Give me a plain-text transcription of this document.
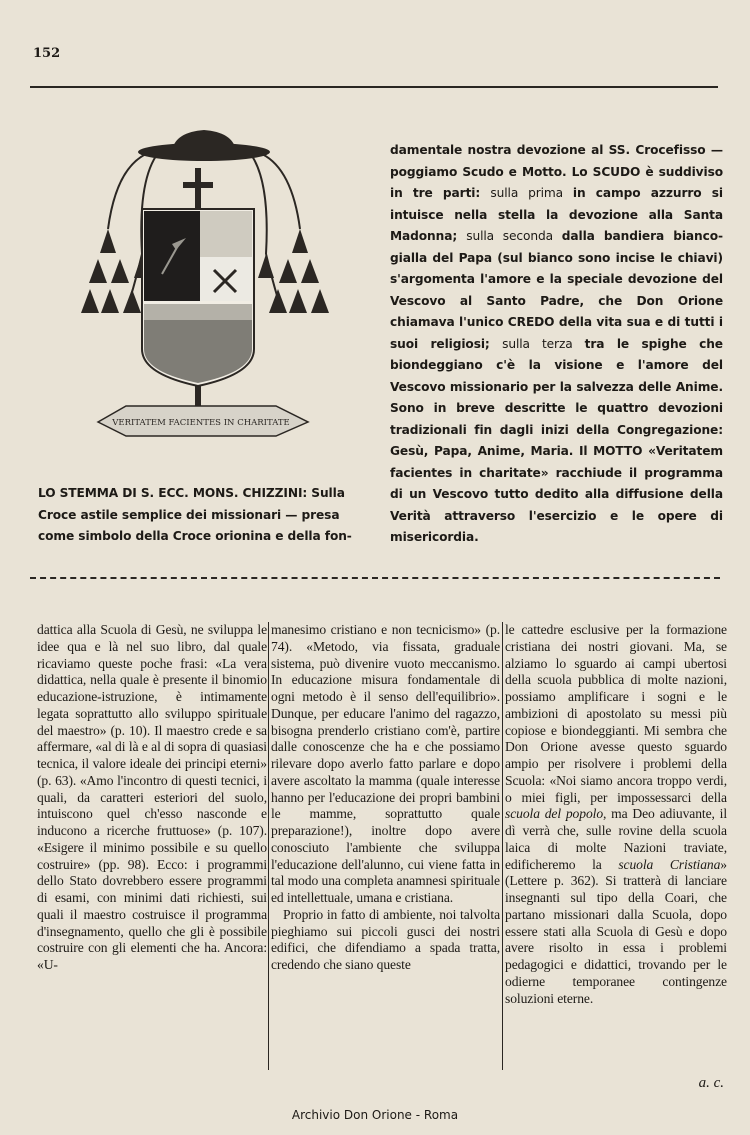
152
VERITATEM FACIENTES IN CHARITATE
LO STEMMA DI S. ECC. MONS. CHIZZINI: Sulla Croce astile semplice dei missionari — presa come simbolo della Croce orionina e della fon-
damentale nostra devozione al SS. Crocefisso — poggiamo Scudo e Motto. Lo SCUDO è suddiviso in tre parti: sulla prima in campo azzurro si intuisce nella stella la devozione alla Santa Madonna; sulla seconda dalla bandiera bianco-gialla del Papa (sul bianco sono incise le chiavi) s'argomenta l'amore e la speciale devozione del Vescovo al Santo Padre, che Don Orione chiamava l'unico CREDO della vita sua e di tutti i suoi religiosi; sulla terza tra le spighe che biondeggiano c'è la visione e l'amore del Vescovo missionario per la salvezza delle Anime. Sono in breve descritte le quattro devozioni tradizionali fin dagli inizi della Congregazione: Gesù, Papa, Anime, Maria. Il MOTTO «Veritatem facientes in charitate» racchiude il programma di un Vescovo tutto dedito alla diffusione della Verità attraverso l'esercizio e le opere di misericordia.

dattica alla Scuola di Gesù, ne sviluppa le idee qua e là nel suo libro, dal quale ricaviamo queste poche frasi: «La vera didattica, nella quale è presente il binomio educazione-istruzione, è intimamente legata soprattutto allo sviluppo spirituale del maestro» (p. 10). Il maestro crede e sa affermare, «al di là e al di sopra di quasiasi tecnica, il valore ideale dei principi eterni» (p. 63). «Amo l'incontro di questi tecnici, i quali, da caratteri esteriori del suolo, intuiscono quel ch'esso nasconde e inducono a ricerche fruttuose» (p. 107). «Esigere il minimo possibile e su quello costruire» (pp. 98). Ecco: i programmi dello Stato dovrebbero essere programmi di esami, con minimi dati richiesti, sui quali il maestro costruisce il programma d'insegnamento, quello che gli è possibile costruire con gli elementi che ha. Ancora: «U-

manesimo cristiano e non tecnicismo» (p. 74). «Metodo, via fissata, graduale sistema, può divenire vuoto meccanismo. In educazione misura fondamentale di ogni metodo è il senso dell'equilibrio». Dunque, per educare l'animo del ragazzo, bisogna prenderlo cristiano com'è, partire dalle conoscenze che ha e che possiamo rilevare dopo averlo fatto parlare e dopo avere ascoltato la mamma (quale interesse hanno per l'educazione dei propri bambini le mamme, soprattutto quale preparazione!), inoltre dopo avere conosciuto l'ambiente che sviluppa l'educazione dell'alunno, cui viene fatta in tal modo una completa anamnesi spirituale ed intellettuale, umana e cristiana.

Proprio in fatto di ambiente, noi talvolta pieghiamo sui piccoli gusci dei nostri edifici, che difendiamo a spada tratta, credendo che siano queste

le cattedre esclusive per la formazione cristiana dei nostri giovani. Ma, se alziamo lo sguardo ai campi ubertosi della scuola pubblica di molte nazioni, possiamo amplificare i sogni e le ambizioni di apostolato su messi più copiose e biondeggianti. Mi sembra che Don Orione avesse questo sguardo ampio per risolvere i problemi della Scuola: «Noi siamo ancora troppo verdi, o miei figli, per impossessarci della scuola del popolo, ma Deo adiuvante, il dì verrà che, sulle rovine della scuola laica di molte Nazioni traviate, edificheremo la scuola Cristiana» (Lettere p. 362). Si tratterà di lanciare insegnanti sul tipo della Coari, che partano missionari dalla Scuola, dopo essere stati alla Scuola di Gesù e dopo avere risolto in essa i problemi pedagogici e didattici, trovando per le odierne temporanee contingenze soluzioni eterne.

a. c.
Archivio Don Orione - Roma
